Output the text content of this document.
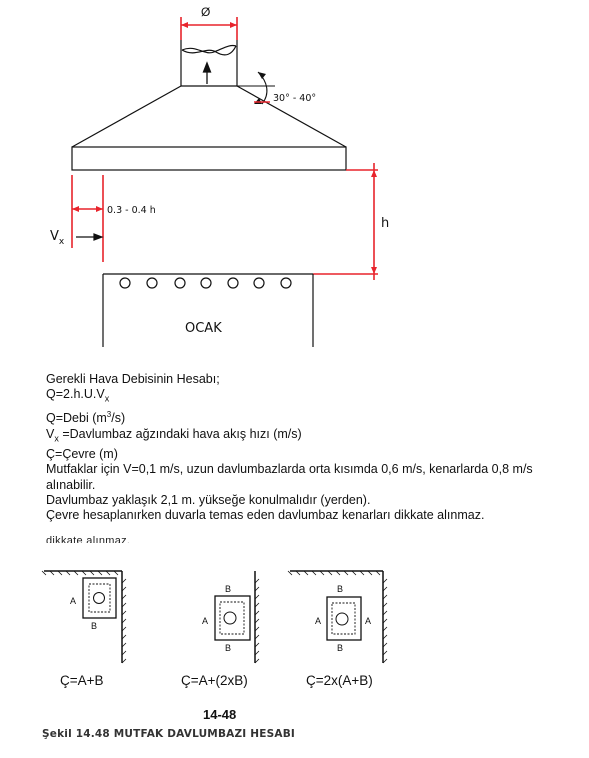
Ø
30° - 40°
0.3 - 0.4 h
$V_x$
h
OCAK
A
B
B
A
B
B
A	A
B
Gerekli Hava Debisinin Hesabı;
$Q=2.h.U.V_x$
Q=Debi $(m^3/s)$
$V_x$ =Davlumbaz ağzındaki hava akış hızı (m/s)
Ç=Çevre (m)
Mutfaklar için V=0,1 m/s, uzun davlumbazlarda orta kısımda 0,6 m/s, kenarlarda 0,8 m/s alınabilir.
Davlumbaz yaklaşık 2,1 m. yükseğe konulmalıdır (yerden).
Çevre hesaplanırken duvarla temas eden davlumbaz kenarları dikkate alınmaz.
dikkate alınmaz.
Ç=A+B	Ç=A+(2xB)	Ç=2x(A+B)
14-48
Şekil 14.48 MUTFAK DAVLUMBAZI HESABI
